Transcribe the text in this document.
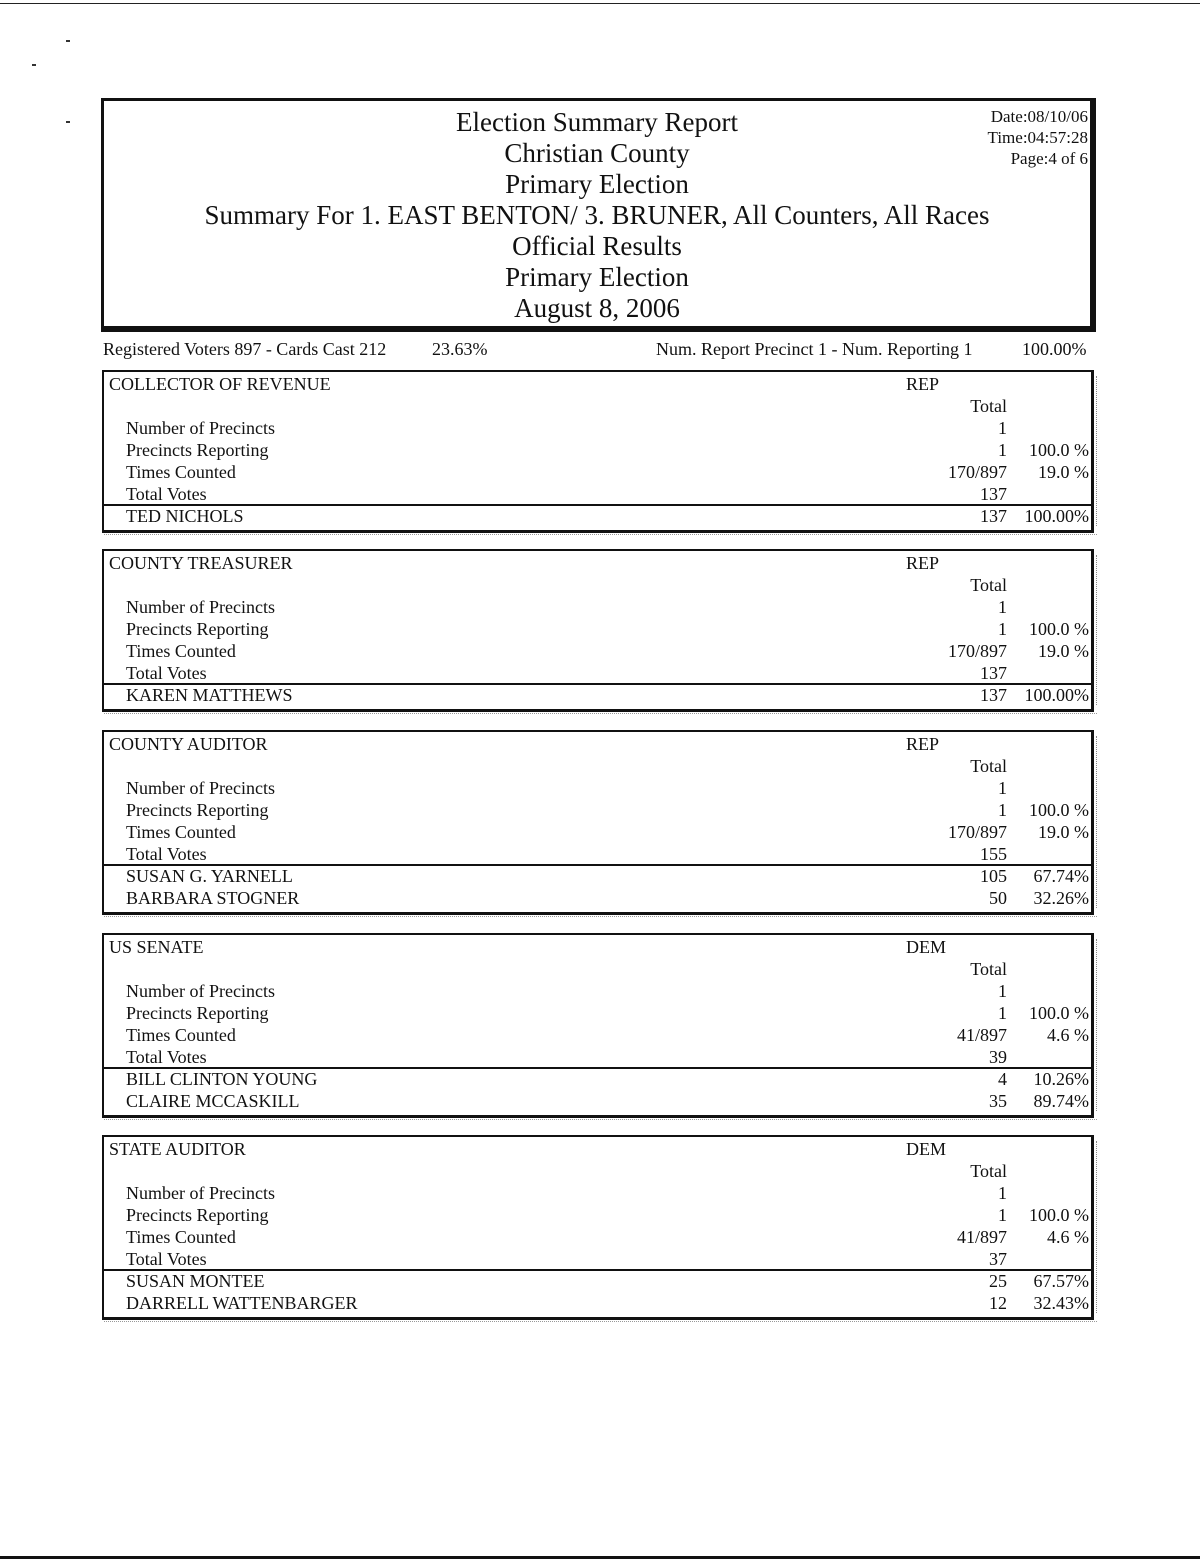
Election Summary Report
Christian County
Primary Election
Summary For 1. EAST BENTON/ 3. BRUNER, All Counters, All Races
Official Results
Primary Election
August 8, 2006
Date:08/10/06
Time:04:57:28
Page:4 of 6
Registered Voters 897 - Cards Cast 212	23.63%	Num. Report Precinct 1 - Num. Reporting 1	100.00%
COLLECTOR OF REVENUE	REP
Total
Number of Precincts	1
Precincts Reporting	1 100.0 %
Times Counted	170/897 19.0 %
Total Votes	137
TED NICHOLS	137 100.00%
COUNTY TREASURER	REP
Total
Number of Precincts	1
Precincts Reporting	1 100.0 %
Times Counted	170/897 19.0 %
Total Votes	137
KAREN MATTHEWS	137 100.00%
COUNTY AUDITOR	REP
Total
Number of Precincts	1
Precincts Reporting	1 100.0 %
Times Counted	170/897 19.0 %
Total Votes	155
SUSAN G. YARNELL	105 67.74%
BARBARA STOGNER	50 32.26%
US SENATE	DEM
Total
Number of Precincts	1
Precincts Reporting	1 100.0 %
Times Counted	41/897 4.6 %
Total Votes	39
BILL CLINTON YOUNG	4 10.26%
CLAIRE MCCASKILL	35 89.74%
STATE AUDITOR	DEM
Total
Number of Precincts	1
Precincts Reporting	1 100.0 %
Times Counted	41/897 4.6 %
Total Votes	37
SUSAN MONTEE	25 67.57%
DARRELL WATTENBARGER	12 32.43%
